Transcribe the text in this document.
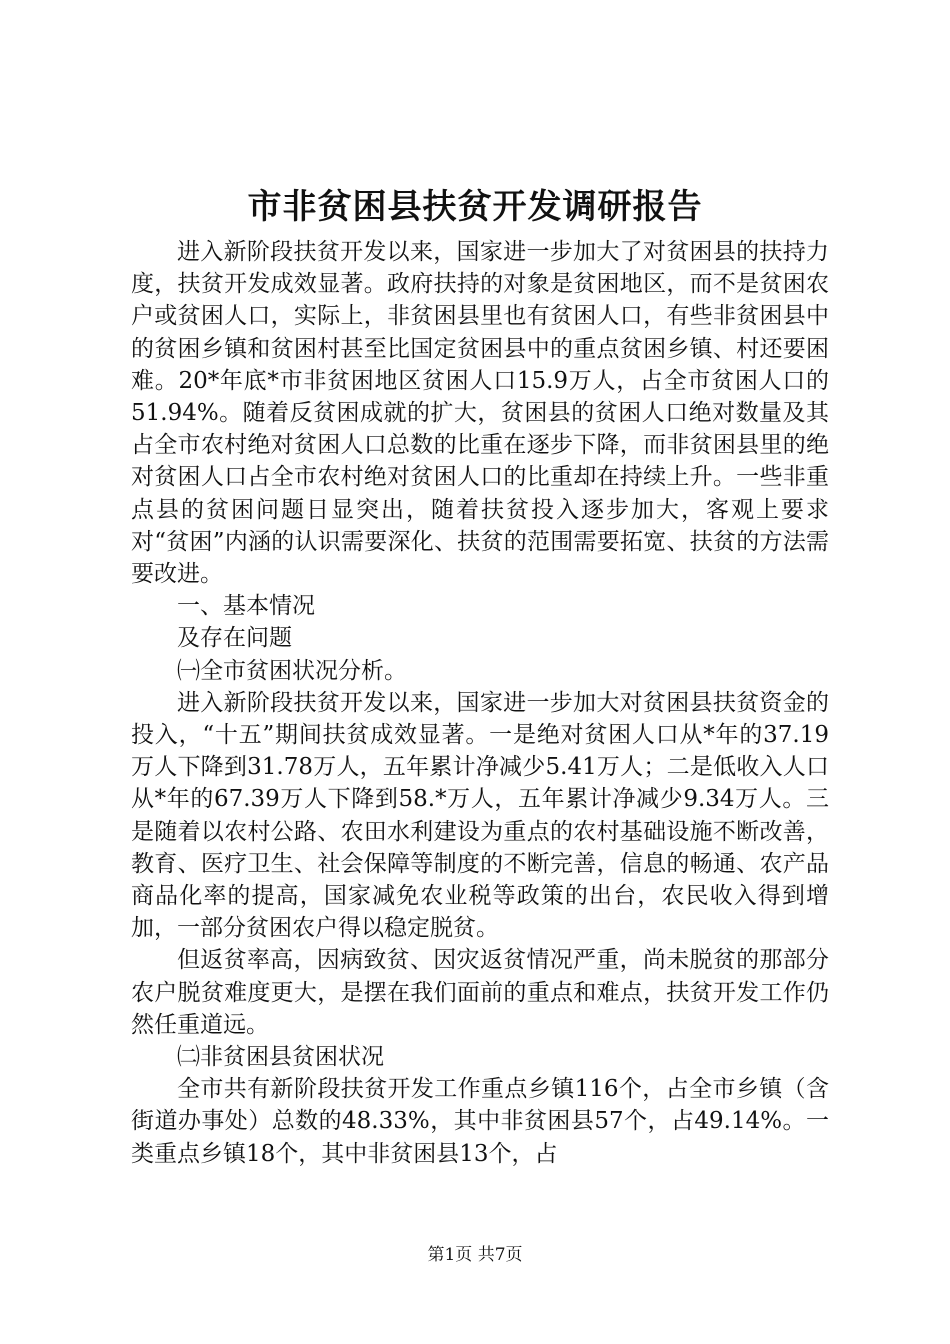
市非贫困县扶贫开发调研报告

进入新阶段扶贫开发以来，国家进一步加大了对贫困县的扶持力度，扶贫开发成效显著。政府扶持的对象是贫困地区，而不是贫困农户或贫困人口，实际上，非贫困县里也有贫困人口，有些非贫困县中的贫困乡镇和贫困村甚至比国定贫困县中的重点贫困乡镇、村还要困难。20*年底*市非贫困地区贫困人口15.9万人，占全市贫困人口的51.94%。随着反贫困成就的扩大，贫困县的贫困人口绝对数量及其占全市农村绝对贫困人口总数的比重在逐步下降，而非贫困县里的绝对贫困人口占全市农村绝对贫困人口的比重却在持续上升。一些非重点县的贫困问题日显突出，随着扶贫投入逐步加大，客观上要求对“贫困”内涵的认识需要深化、扶贫的范围需要拓宽、扶贫的方法需要改进。

一、基本情况

及存在问题

㈠全市贫困状况分析。

进入新阶段扶贫开发以来，国家进一步加大对贫困县扶贫资金的投入，“十五”期间扶贫成效显著。一是绝对贫困人口从*年的37.19万人下降到31.78万人，五年累计净减少5.41万人；二是低收入人口从*年的67.39万人下降到58.*万人，五年累计净减少9.34万人。三是随着以农村公路、农田水利建设为重点的农村基础设施不断改善，教育、医疗卫生、社会保障等制度的不断完善，信息的畅通、农产品商品化率的提高，国家减免农业税等政策的出台，农民收入得到增加，一部分贫困农户得以稳定脱贫。

但返贫率高，因病致贫、因灾返贫情况严重，尚未脱贫的那部分农户脱贫难度更大，是摆在我们面前的重点和难点，扶贫开发工作仍然任重道远。

㈡非贫困县贫困状况

全市共有新阶段扶贫开发工作重点乡镇116个，占全市乡镇（含街道办事处）总数的48.33%，其中非贫困县57个，占49.14%。一类重点乡镇18个，其中非贫困县13个，占

第1页 共7页
